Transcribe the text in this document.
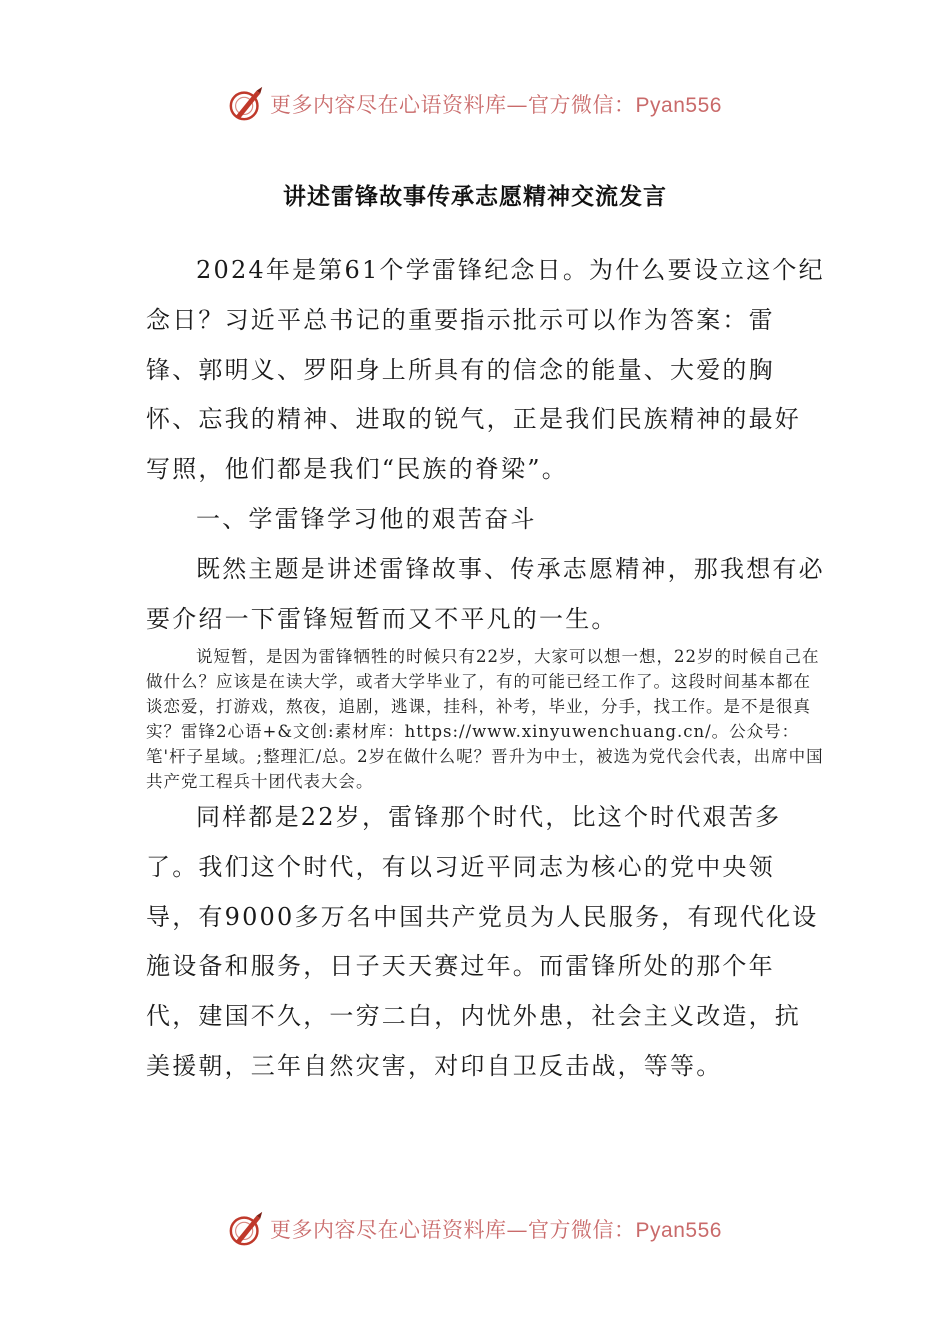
更多内容尽在心语资料库—官方微信：Pyan556
讲述雷锋故事传承志愿精神交流发言

2024年是第61个学雷锋纪念日。为什么要设立这个纪念日？习近平总书记的重要指示批示可以作为答案：雷锋、郭明义、罗阳身上所具有的信念的能量、大爱的胸怀、忘我的精神、进取的锐气，正是我们民族精神的最好写照，他们都是我们“民族的脊梁”。

一、学雷锋学习他的艰苦奋斗

既然主题是讲述雷锋故事、传承志愿精神，那我想有必要介绍一下雷锋短暂而又不平凡的一生。

说短暂，是因为雷锋牺牲的时候只有22岁，大家可以想一想，22岁的时候自己在做什么？应该是在读大学，或者大学毕业了，有的可能已经工作了。这段时间基本都在谈恋爱，打游戏，熬夜，追剧，逃课，挂科，补考，毕业，分手，找工作。是不是很真实？雷锋2心语+&文创:素材库：https://www.xinyuwenchuang.cn/。公众号：笔'杆子星域。;整理汇/总。2岁在做什么呢？晋升为中士，被选为党代会代表，出席中国共产党工程兵十团代表大会。

同样都是22岁，雷锋那个时代，比这个时代艰苦多了。我们这个时代，有以习近平同志为核心的党中央领导，有9000多万名中国共产党员为人民服务，有现代化设施设备和服务，日子天天赛过年。而雷锋所处的那个年代，建国不久，一穷二白，内忧外患，社会主义改造，抗美援朝，三年自然灾害，对印自卫反击战，等等。

更多内容尽在心语资料库—官方微信：Pyan556
